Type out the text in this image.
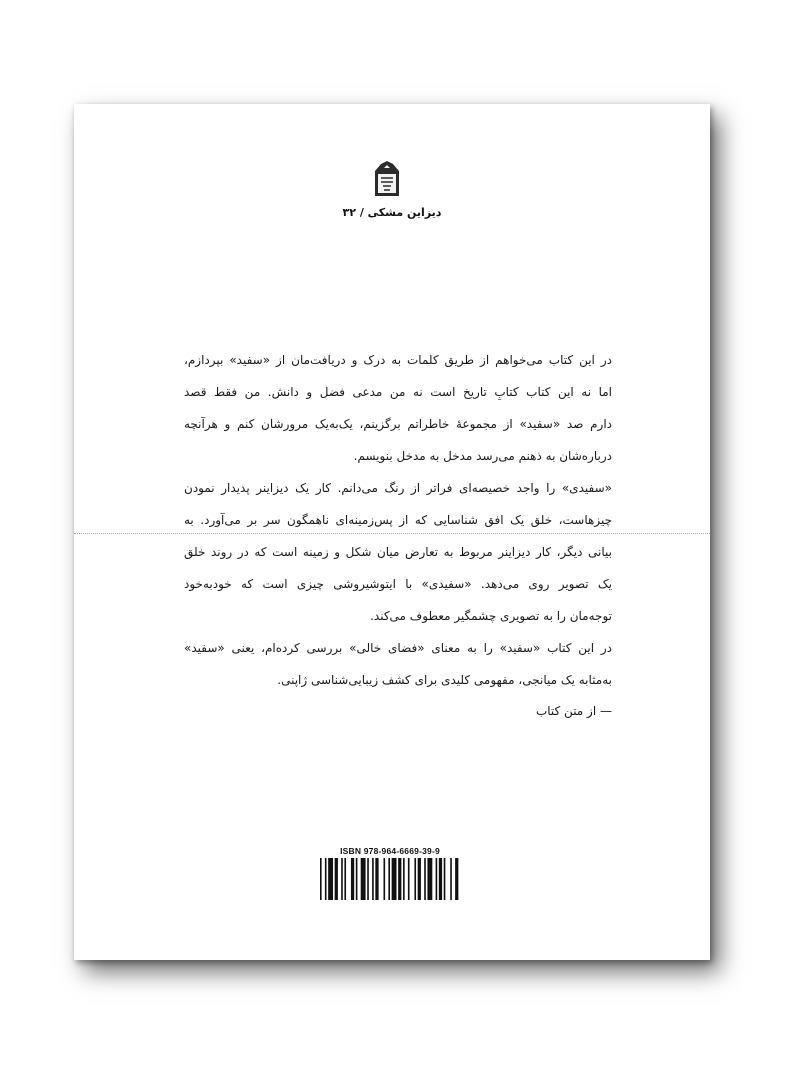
دیزاین مشکی / ۳۲
در این کتاب می‌خواهم از طریق کلمات به درک و دریافت‌مان از «سفید» بپردازم،
اما نه این کتاب کتابِ تاریخ است نه من مدعی فضل و دانش. من فقط قصد
دارم صد «سفید» از مجموعهٔ خاطراتم برگزینم، یک‌به‌یک مرورشان کنم و هرآنچه
درباره‌شان به ذهنم می‌رسد مدخل به مدخل بنویسم.
«سفیدی» را واجد خصیصه‌ای فراتر از رنگ می‌دانم. کار یک دیزاینر پدیدار نمودن
چیزهاست، خلق یک افق شناسایی که از پس‌زمینه‌ای ناهمگون سر بر می‌آورد. به
بیانی دیگر، کار دیزاینر مربوط به تعارض میان شکل و زمینه است که در روند خلق
یک تصویر روی می‌دهد. «سفیدی» با ایتوشیروشی چیزی است که خودبه‌خود
توجه‌مان را به تصویری چشمگیر معطوف می‌کند.
در این کتاب «سفید» را به معنای «فضای خالی» بررسی کرده‌ام، یعنی «سفید»
به‌مثابه یک میانجی، مفهومی کلیدی برای کشف زیبایی‌شناسی ژاپنی.
— از متن کتاب
ISBN 978-964-6669-39-9
